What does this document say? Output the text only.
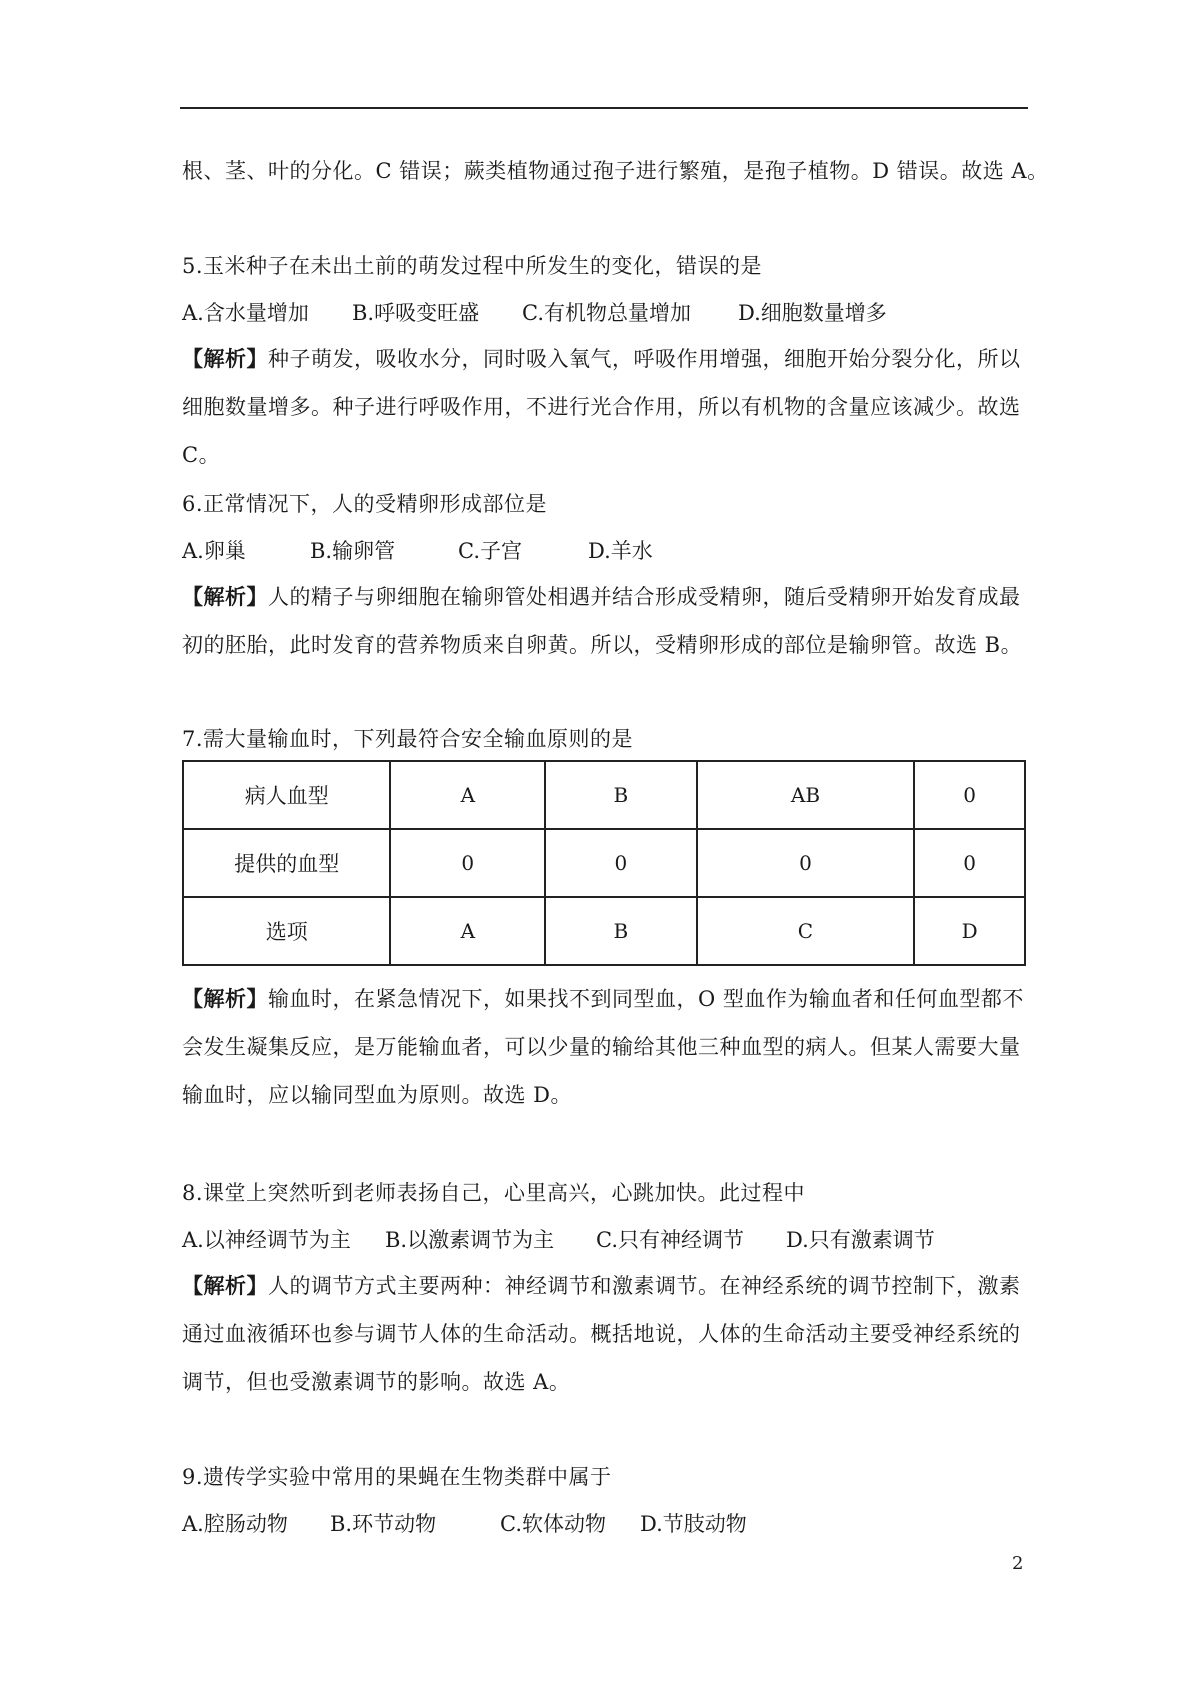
根、茎、叶的分化。C 错误；蕨类植物通过孢子进行繁殖，是孢子植物。D 错误。故选 A。

5.玉米种子在未出土前的萌发过程中所发生的变化，错误的是

A.含水量增加 B.呼吸变旺盛 C.有机物总量增加 D.细胞数量增多

【解析】种子萌发，吸收水分，同时吸入氧气，呼吸作用增强，细胞开始分裂分化，所以细胞数量增多。种子进行呼吸作用，不进行光合作用，所以有机物的含量应该减少。故选 C。

6.正常情况下，人的受精卵形成部位是

A.卵巢	B.输卵管	C.子宫	D.羊水

【解析】人的精子与卵细胞在输卵管处相遇并结合形成受精卵，随后受精卵开始发育成最初的胚胎，此时发育的营养物质来自卵黄。所以，受精卵形成的部位是输卵管。故选 B。

7.需大量输血时，下列最符合安全输血原则的是

病人血型	A	B	AB	0
提供的血型	0	0	0	0
选项	A	B	C	D

【解析】输血时，在紧急情况下，如果找不到同型血，O 型血作为输血者和任何血型都不会发生凝集反应，是万能输血者，可以少量的输给其他三种血型的病人。但某人需要大量输血时，应以输同型血为原则。故选 D。

8.课堂上突然听到老师表扬自己，心里高兴，心跳加快。此过程中

A.以神经调节为主 B.以激素调节为主 C.只有神经调节 D.只有激素调节

【解析】人的调节方式主要两种：神经调节和激素调节。在神经系统的调节控制下，激素通过血液循环也参与调节人体的生命活动。概括地说，人体的生命活动主要受神经系统的调节，但也受激素调节的影响。故选 A。

9.遗传学实验中常用的果蝇在生物类群中属于

A.腔肠动物 B.环节动物	C.软体动物 D.节肢动物
2
